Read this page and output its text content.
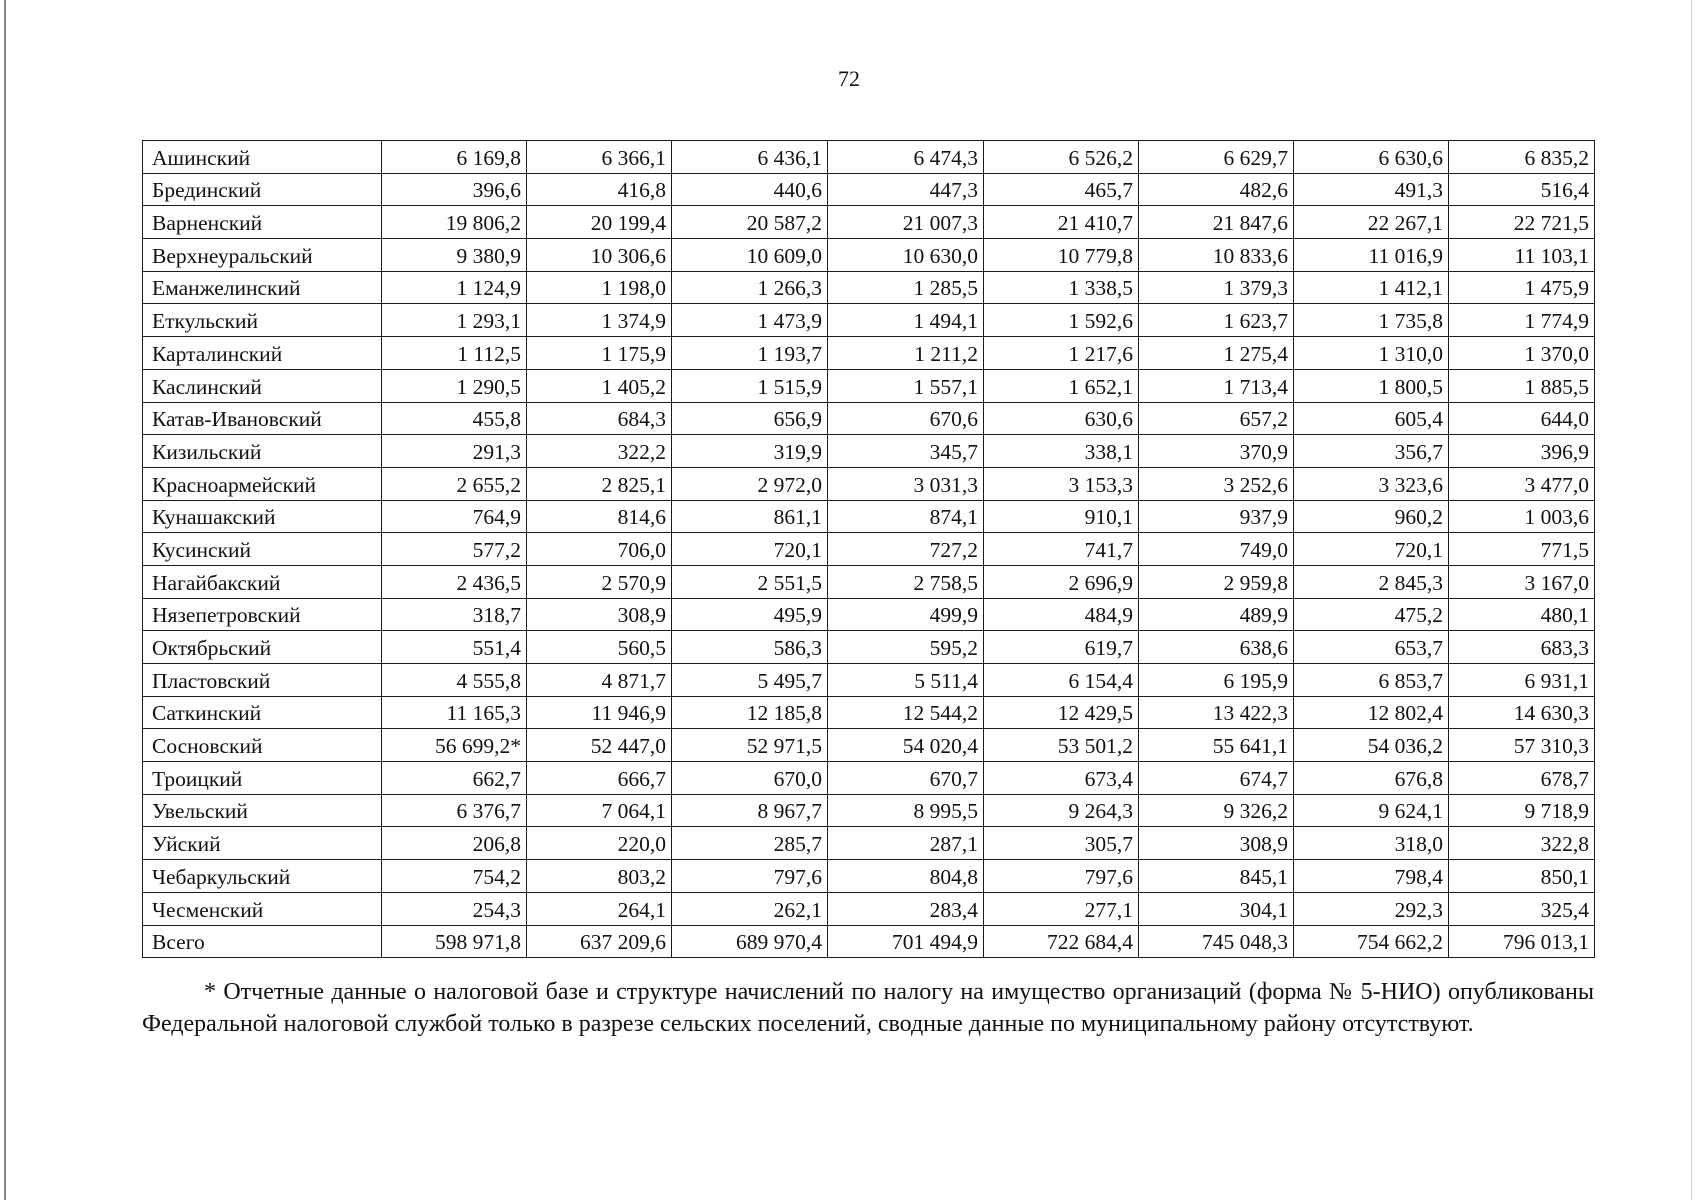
72
Ашинский	6 169,8	6 366,1	6 436,1	6 474,3	6 526,2	6 629,7	6 630,6	6 835,2
Брединский	396,6	416,8	440,6	447,3	465,7	482,6	491,3	516,4
Варненский	19 806,2	20 199,4	20 587,2	21 007,3	21 410,7	21 847,6	22 267,1	22 721,5
Верхнеуральский	9 380,9	10 306,6	10 609,0	10 630,0	10 779,8	10 833,6	11 016,9	11 103,1
Еманжелинский	1 124,9	1 198,0	1 266,3	1 285,5	1 338,5	1 379,3	1 412,1	1 475,9
Еткульский	1 293,1	1 374,9	1 473,9	1 494,1	1 592,6	1 623,7	1 735,8	1 774,9
Карталинский	1 112,5	1 175,9	1 193,7	1 211,2	1 217,6	1 275,4	1 310,0	1 370,0
Каслинский	1 290,5	1 405,2	1 515,9	1 557,1	1 652,1	1 713,4	1 800,5	1 885,5
Катав-Ивановский	455,8	684,3	656,9	670,6	630,6	657,2	605,4	644,0
Кизильский	291,3	322,2	319,9	345,7	338,1	370,9	356,7	396,9
Красноармейский	2 655,2	2 825,1	2 972,0	3 031,3	3 153,3	3 252,6	3 323,6	3 477,0
Кунашакский	764,9	814,6	861,1	874,1	910,1	937,9	960,2	1 003,6
Кусинский	577,2	706,0	720,1	727,2	741,7	749,0	720,1	771,5
Нагайбакский	2 436,5	2 570,9	2 551,5	2 758,5	2 696,9	2 959,8	2 845,3	3 167,0
Нязепетровский	318,7	308,9	495,9	499,9	484,9	489,9	475,2	480,1
Октябрьский	551,4	560,5	586,3	595,2	619,7	638,6	653,7	683,3
Пластовский	4 555,8	4 871,7	5 495,7	5 511,4	6 154,4	6 195,9	6 853,7	6 931,1
Саткинский	11 165,3	11 946,9	12 185,8	12 544,2	12 429,5	13 422,3	12 802,4	14 630,3
Сосновский	56 699,2*	52 447,0	52 971,5	54 020,4	53 501,2	55 641,1	54 036,2	57 310,3
Троицкий	662,7	666,7	670,0	670,7	673,4	674,7	676,8	678,7
Увельский	6 376,7	7 064,1	8 967,7	8 995,5	9 264,3	9 326,2	9 624,1	9 718,9
Уйский	206,8	220,0	285,7	287,1	305,7	308,9	318,0	322,8
Чебаркульский	754,2	803,2	797,6	804,8	797,6	845,1	798,4	850,1
Чесменский	254,3	264,1	262,1	283,4	277,1	304,1	292,3	325,4
Всего	598 971,8	637 209,6	689 970,4	701 494,9	722 684,4	745 048,3	754 662,2	796 013,1

* Отчетные данные о налоговой базе и структуре начислений по налогу на имущество организаций (форма № 5-НИО) опубликованы Федеральной налоговой службой только в разрезе сельских поселений, сводные данные по муниципальному району отсутствуют.
